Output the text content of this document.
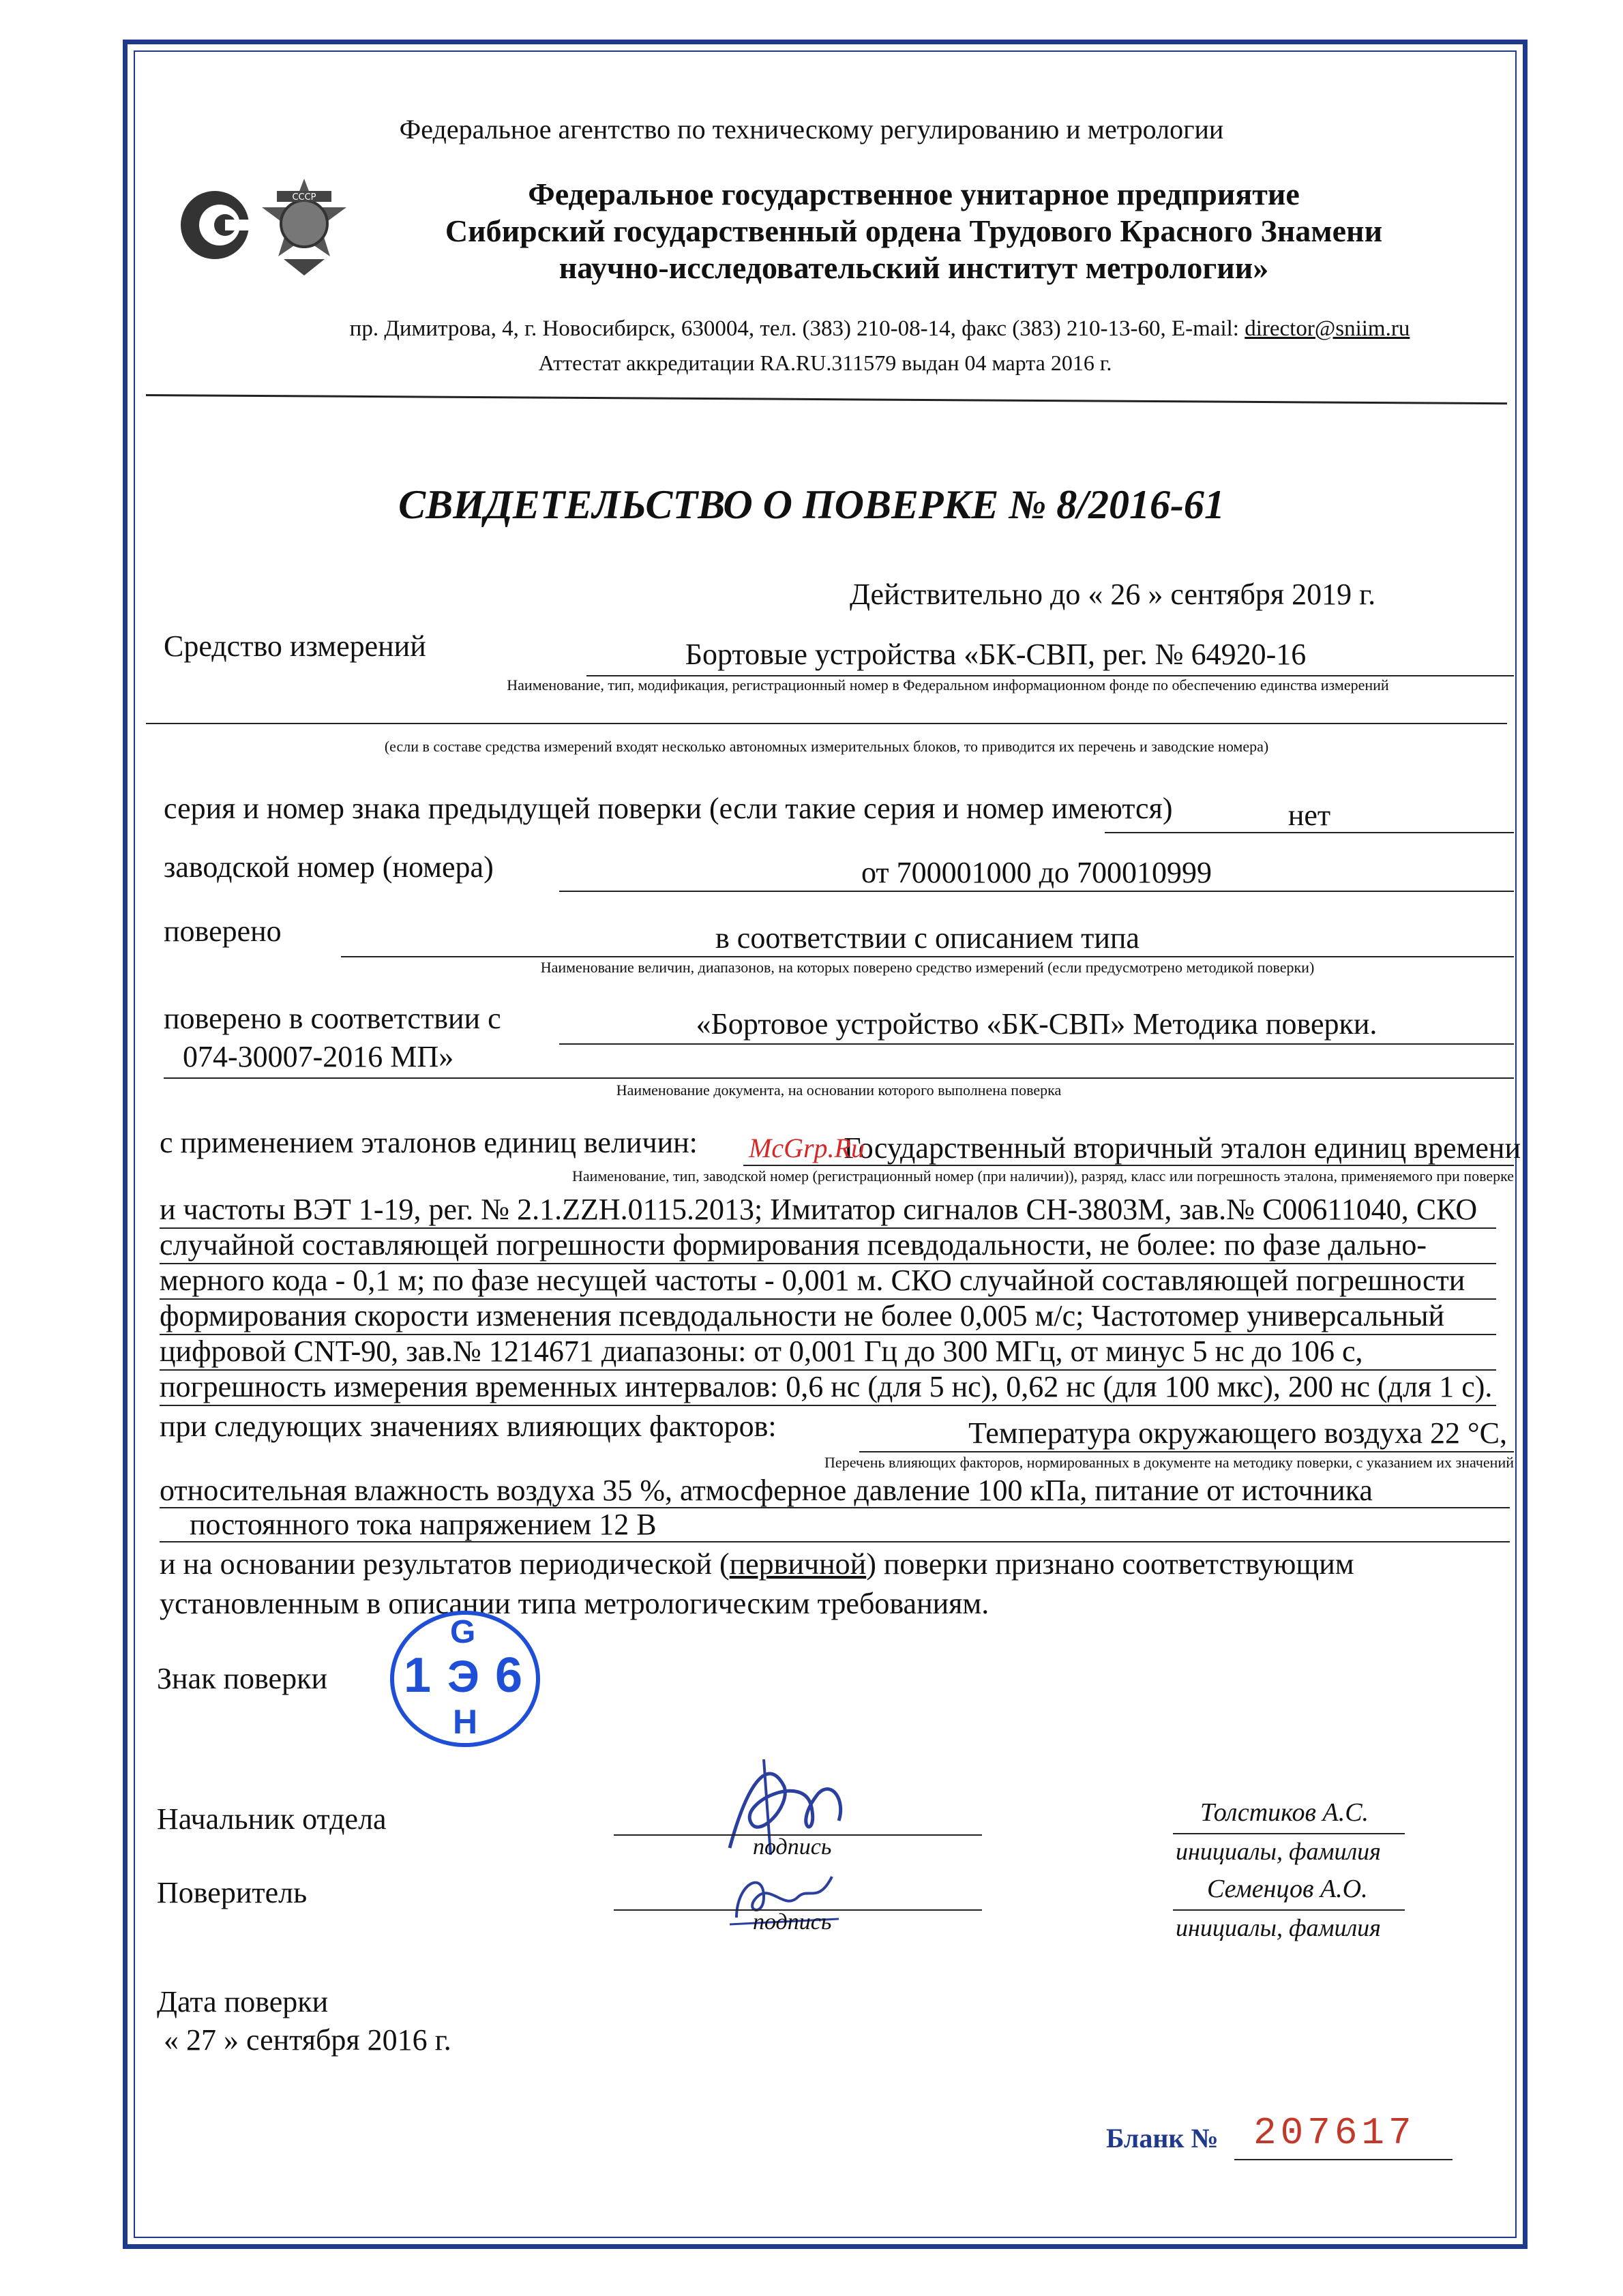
Федеральное агентство по техническому регулированию и метрологии
СССР	Федеральное государственное унитарное предприятие
Сибирский государственный ордена Трудового Красного Знамени
научно-исследовательский институт метрологии»
пр. Димитрова, 4, г. Новосибирск, 630004, тел. (383) 210-08-14, факс (383) 210-13-60, E-mail: director@sniim.ru
Аттестат аккредитации RA.RU.311579 выдан 04 марта 2016 г.
СВИДЕТЕЛЬСТВО О ПОВЕРКЕ № 8/2016-61
Действительно до « 26 » сентября 2019 г.
Средство измерений	Бортовые устройства «БК-СВП, рег. № 64920-16
Наименование, тип, модификация, регистрационный номер в Федеральном информационном фонде по обеспечению единства измерений
(если в составе средства измерений входят несколько автономных измерительных блоков, то приводится их перечень и заводские номера)
серия и номер знака предыдущей поверки (если такие серия и номер имеются)	нет
заводской номер (номера)	от 700001000 до 700010999
поверено	в соответствии с описанием типа
Наименование величин, диапазонов, на которых поверено средство измерений (если предусмотрено методикой поверки)
поверено в соответствии с	«Бортовое устройство «БК-СВП» Методика поверки.
074-30007-2016 МП»
Наименование документа, на основании которого выполнена поверка
с применением эталонов единиц величин:	Государственный вторичный эталон единиц времени
McGrp.Ru
Наименование, тип, заводской номер (регистрационный номер (при наличии)), разряд, класс или погрешность эталона, применяемого при поверке
и частоты ВЭТ 1-19, рег. № 2.1.ZZH.0115.2013; Имитатор сигналов СН-3803М, зав.№ С00611040, СКО
случайной составляющей погрешности формирования псевдодальности, не более: по фазе дально-
мерного кода - 0,1 м; по фазе несущей частоты - 0,001 м. СКО случайной составляющей погрешности
формирования скорости изменения псевдодальности не более 0,005 м/с; Частотомер универсальный
цифровой CNT-90, зав.№ 1214671 диапазоны: от 0,001 Гц до 300 МГц, от минус 5 нс до 106 с,
погрешность измерения временных интервалов: 0,6 нс (для 5 нс), 0,62 нс (для 100 мкс), 200 нс (для 1 с).
при следующих значениях влияющих факторов:	Температура окружающего воздуха 22 °С,
Перечень влияющих факторов, нормированных в документе на методику поверки, с указанием их значений
относительная влажность воздуха 35 %, атмосферное давление 100 кПа, питание от источника
постоянного тока напряжением 12 В
и на основании результатов периодической (первичной) поверки признано соответствующим
установленным в описании типа метрологическим требованиям.
Знак поверки
G
1 Э 6
Н
Начальник отдела
подпись
Толстиков А.С.
инициалы, фамилия
Поверитель
подпись
Семенцов А.О.
инициалы, фамилия
Дата поверки
« 27 » сентября 2016 г.
Бланк № 207617
